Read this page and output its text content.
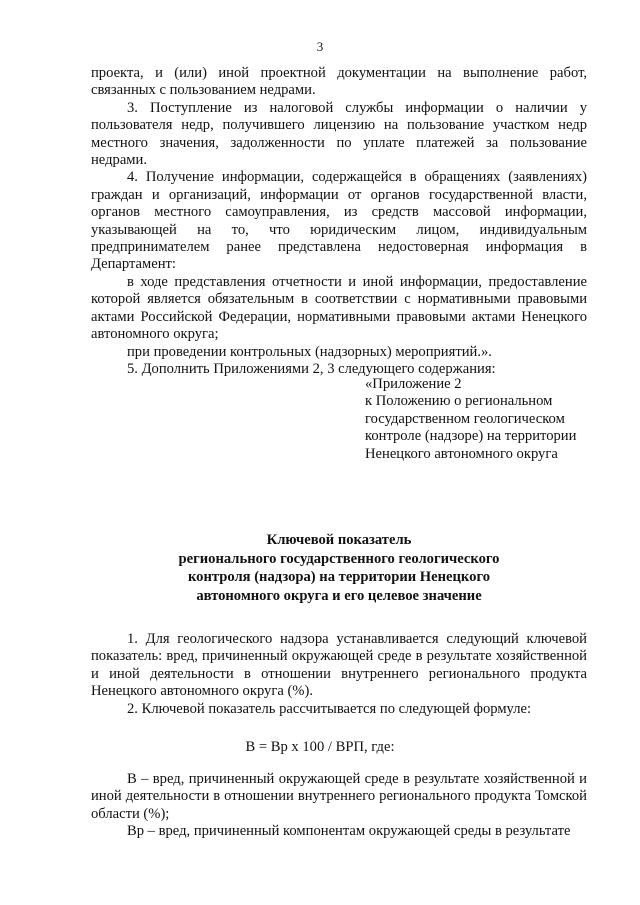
3

проекта, и (или) иной проектной документации на выполнение работ, связанных с пользованием недрами.

3. Поступление из налоговой службы информации о наличии у пользователя недр, получившего лицензию на пользование участком недр местного значения, задолженности по уплате платежей за пользование недрами.

4. Получение информации, содержащейся в обращениях (заявлениях) граждан и организаций, информации от органов государственной власти, органов местного самоуправления, из средств массовой информации, указывающей на то, что юридическим лицом, индивидуальным предпринимателем ранее представлена недостоверная информация в Департамент:

в ходе представления отчетности и иной информации, предоставление которой является обязательным в соответствии с нормативными правовыми актами Российской Федерации, нормативными правовыми актами Ненецкого автономного округа;

при проведении контрольных (надзорных) мероприятий.».

5. Дополнить Приложениями 2, 3 следующего содержания:

«Приложение 2
к Положению о региональном
государственном геологическом
контроле (надзоре) на территории
Ненецкого автономного округа
Ключевой показатель
регионального государственного геологического
контроля (надзора) на территории Ненецкого
автономного округа и его целевое значение

1. Для геологического надзора устанавливается следующий ключевой показатель: вред, причиненный окружающей среде в результате хозяйственной и иной деятельности в отношении внутреннего регионального продукта Ненецкого автономного округа (%).

2. Ключевой показатель рассчитывается по следующей формуле:

В = Вр x 100 / ВРП, где:

В – вред, причиненный окружающей среде в результате хозяйственной и иной деятельности в отношении внутреннего регионального продукта Томской области (%);

Вр – вред, причиненный компонентам окружающей среды в результате
